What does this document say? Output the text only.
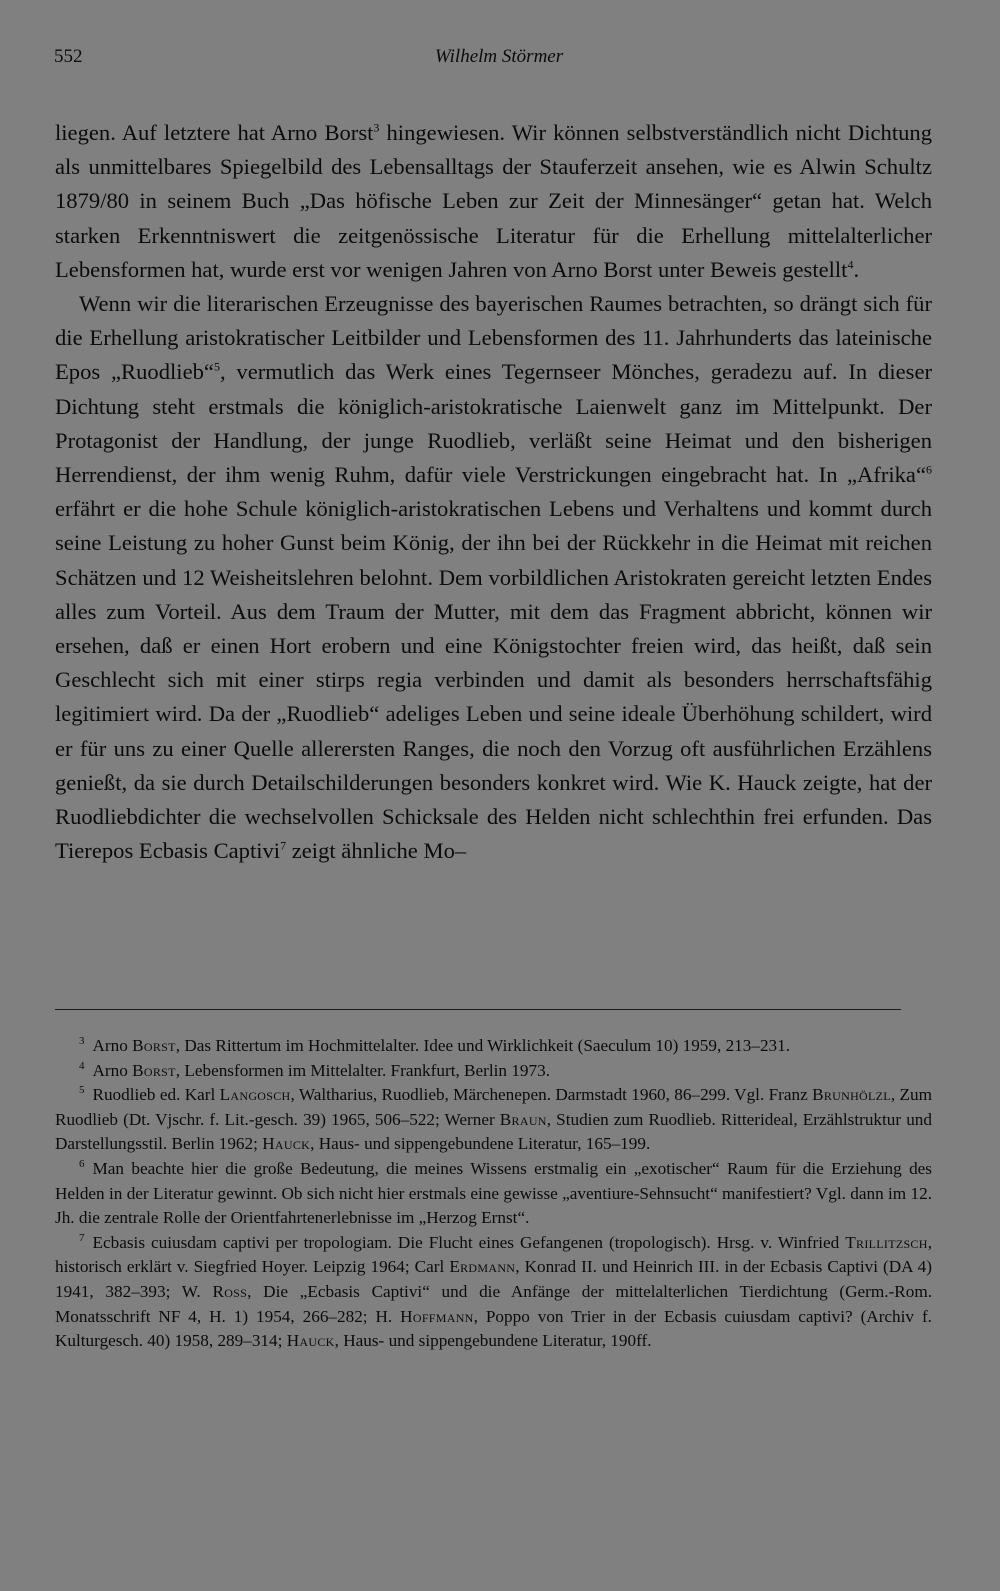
552	Wilhelm Störmer

liegen. Auf letztere hat Arno Borst$^3$ hingewiesen. Wir können selbstverständlich nicht Dichtung als unmittelbares Spiegelbild des Lebensalltags der Stauferzeit ansehen, wie es Alwin Schultz 1879/80 in seinem Buch „Das höfische Leben zur Zeit der Minnesänger“ getan hat. Welch starken Erkenntniswert die zeitgenössische Literatur für die Erhellung mittelalterlicher Lebensformen hat, wurde erst vor wenigen Jahren von Arno Borst unter Beweis gestellt$^4$.

Wenn wir die literarischen Erzeugnisse des bayerischen Raumes betrachten, so drängt sich für die Erhellung aristokratischer Leitbilder und Lebensformen des 11. Jahrhunderts das lateinische Epos „Ruodlieb“$^5$, vermutlich das Werk eines Tegernseer Mönches, geradezu auf. In dieser Dichtung steht erstmals die königlich-aristokratische Laienwelt ganz im Mittelpunkt. Der Protagonist der Handlung, der junge Ruodlieb, verläßt seine Heimat und den bisherigen Herrendienst, der ihm wenig Ruhm, dafür viele Verstrickungen eingebracht hat. In „Afrika“$^6$ erfährt er die hohe Schule königlich-aristokratischen Lebens und Verhaltens und kommt durch seine Leistung zu hoher Gunst beim König, der ihn bei der Rückkehr in die Heimat mit reichen Schätzen und 12 Weisheitslehren belohnt. Dem vorbildlichen Aristokraten gereicht letzten Endes alles zum Vorteil. Aus dem Traum der Mutter, mit dem das Fragment abbricht, können wir ersehen, daß er einen Hort erobern und eine Königstochter freien wird, das heißt, daß sein Geschlecht sich mit einer stirps regia verbinden und damit als besonders herrschaftsfähig legitimiert wird. Da der „Ruodlieb“ adeliges Leben und seine ideale Überhöhung schildert, wird er für uns zu einer Quelle allerersten Ranges, die noch den Vorzug oft ausführlichen Erzählens genießt, da sie durch Detailschilderungen besonders konkret wird. Wie K. Hauck zeigte, hat der Ruodliebdichter die wechselvollen Schicksale des Helden nicht schlechthin frei erfunden. Das Tierepos Ecbasis Captivi$^7$ zeigt ähnliche Mo–

$^3$ Arno Borst, Das Rittertum im Hochmittelalter. Idee und Wirklichkeit (Saeculum 10) 1959, 213–231.

$^4$ Arno Borst, Lebensformen im Mittelalter. Frankfurt, Berlin 1973.

$^5$ Ruodlieb ed. Karl Langosch, Waltharius, Ruodlieb, Märchenepen. Darmstadt 1960, 86–299. Vgl. Franz Brunhölzl, Zum Ruodlieb (Dt. Vjschr. f. Lit.-gesch. 39) 1965, 506–522; Werner Braun, Studien zum Ruodlieb. Ritterideal, Erzählstruktur und Darstellungsstil. Berlin 1962; Hauck, Haus- und sippengebundene Literatur, 165–199.

$^6$ Man beachte hier die große Bedeutung, die meines Wissens erstmalig ein „exotischer“ Raum für die Erziehung des Helden in der Literatur gewinnt. Ob sich nicht hier erstmals eine gewisse „aventiure-Sehnsucht“ manifestiert? Vgl. dann im 12. Jh. die zentrale Rolle der Orientfahrtenerlebnisse im „Herzog Ernst“.

$^7$ Ecbasis cuiusdam captivi per tropologiam. Die Flucht eines Gefangenen (tropologisch). Hrsg. v. Winfried Trillitzsch, historisch erklärt v. Siegfried Hoyer. Leipzig 1964; Carl Erdmann, Konrad II. und Heinrich III. in der Ecbasis Captivi (DA 4) 1941, 382–393; W. Ross, Die „Ecbasis Captivi“ und die Anfänge der mittelalterlichen Tierdichtung (Germ.-Rom. Monatsschrift NF 4, H. 1) 1954, 266–282; H. Hoffmann, Poppo von Trier in der Ecbasis cuiusdam captivi? (Archiv f. Kulturgesch. 40) 1958, 289–314; Hauck, Haus- und sippengebundene Literatur, 190ff.
